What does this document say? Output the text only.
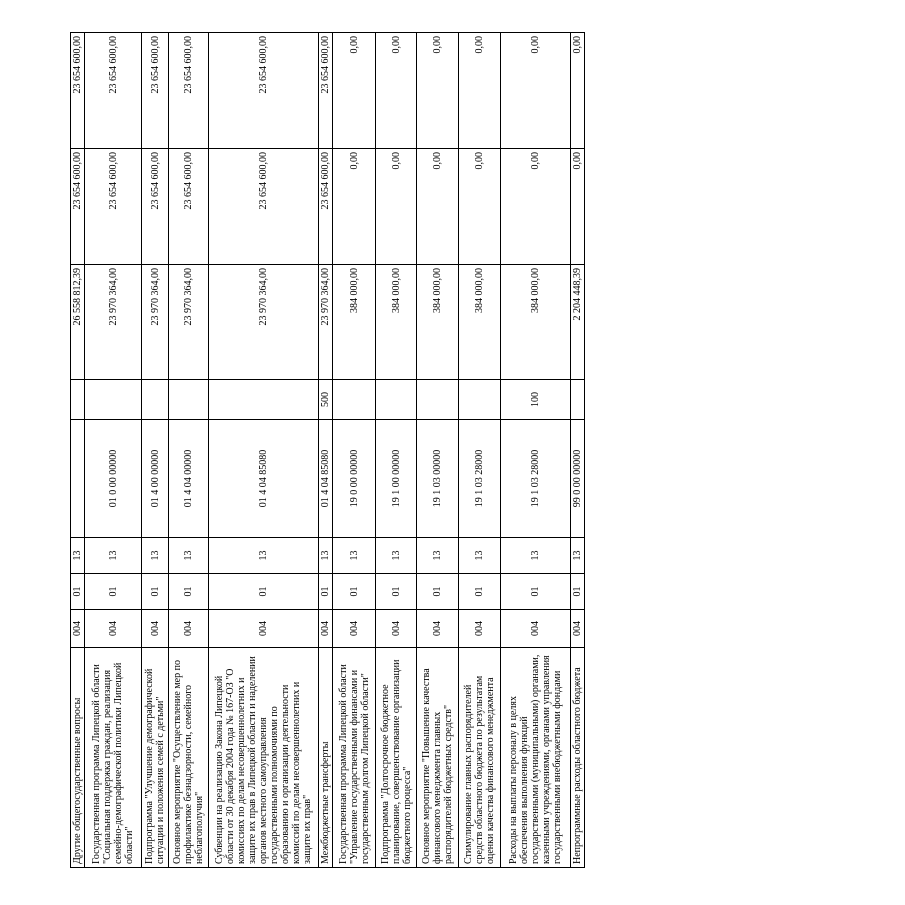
Другие общегосударственные вопросы	004	01	13			26 558 812,39	23 654 600,00	23 654 600,00
Государственная программа Липецкой области "Социальная поддержка граждан, реализация семейно-демографической политики Липецкой области"	004	01	13	01 0 00 00000		23 970 364,00	23 654 600,00	23 654 600,00
Подпрограмма "Улучшение демографической ситуации и положения семей с детьми"	004	01	13	01 4 00 00000		23 970 364,00	23 654 600,00	23 654 600,00
Основное мероприятие "Осуществление мер по профилактике безнадзорности, семейного неблагополучия"	004	01	13	01 4 04 00000		23 970 364,00	23 654 600,00	23 654 600,00
Субвенции на реализацию Закона Липецкой области от 30 декабря 2004 года № 167-ОЗ "О комиссиях по делам несовершеннолетних и защите их прав в Липецкой области и наделении органов местного самоуправления государственными полномочиями по образованию и организации деятельности комиссий по делам несовершеннолетних и защите их прав"	004	01	13	01 4 04 85080		23 970 364,00	23 654 600,00	23 654 600,00
Межбюджетные трансферты	004	01	13	01 4 04 85080	500	23 970 364,00	23 654 600,00	23 654 600,00
Государственная программа Липецкой области "Управление государственными финансами и государственным долгом Липецкой области"	004	01	13	19 0 00 00000		384 000,00	0,00	0,00
Подпрограмма "Долгосрочное бюджетное планирование, совершенствование организации бюджетного процесса"	004	01	13	19 1 00 00000		384 000,00	0,00	0,00
Основное мероприятие "Повышение качества финансового менеджмента главных распорядителей бюджетных средств"	004	01	13	19 1 03 00000		384 000,00	0,00	0,00
Стимулирование главных распорядителей средств областного бюджета по результатам оценки качества финансового менеджмента	004	01	13	19 1 03 28000		384 000,00	0,00	0,00
Расходы на выплаты персоналу в целях обеспечения выполнения функций государственными (муниципальными) органами, казенными учреждениями, органами управления государственными внебюджетными фондами	004	01	13	19 1 03 28000	100	384 000,00	0,00	0,00
Непрограммные расходы областного бюджета	004	01	13	99 0 00 00000		2 204 448,39	0,00	0,00
